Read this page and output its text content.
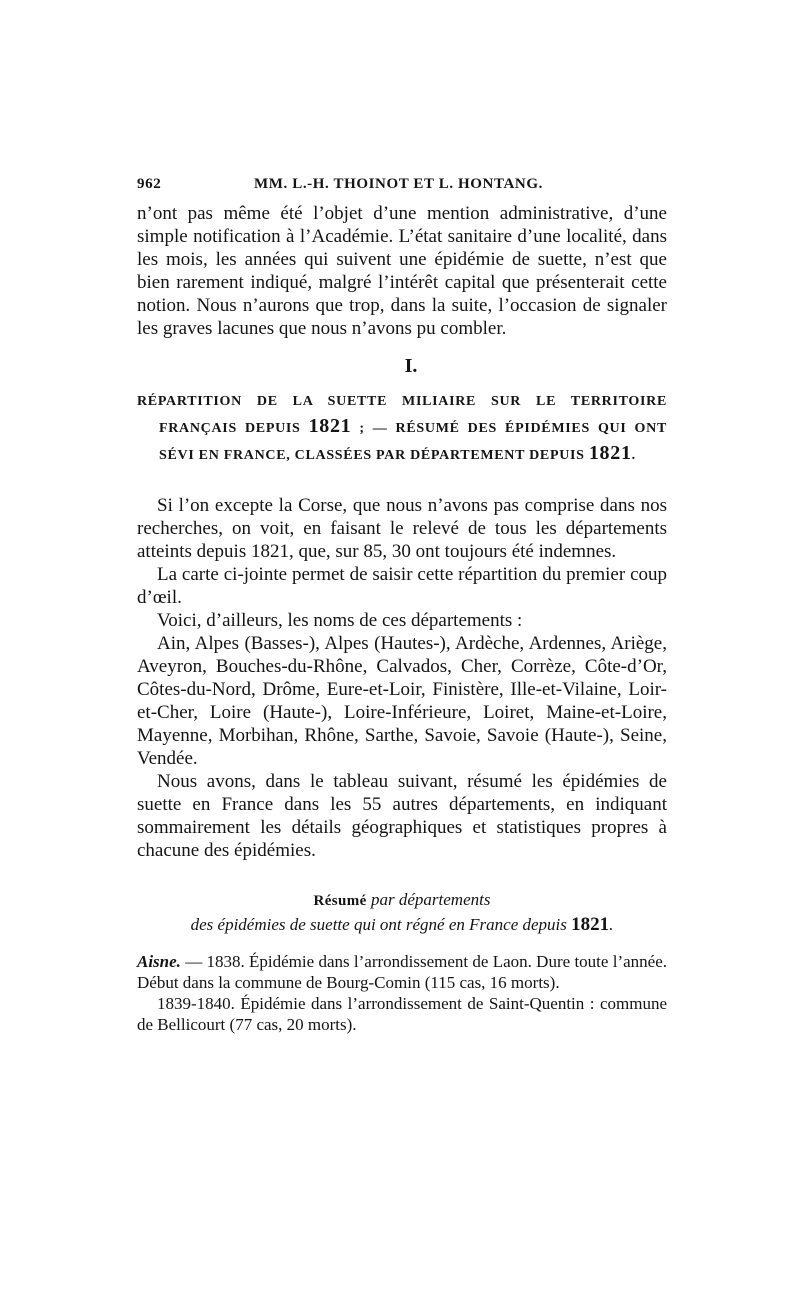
962	MM. L.-H. THOINOT ET L. HONTANG.

n’ont pas même été l’objet d’une mention administrative, d’une simple notification à l’Académie. L’état sanitaire d’une localité, dans les mois, les années qui suivent une épidémie de suette, n’est que bien rarement indiqué, malgré l’intérêt capital que présenterait cette notion. Nous n’aurons que trop, dans la suite, l’occasion de signaler les graves lacunes que nous n’avons pu combler.

I.
RÉPARTITION DE LA SUETTE MILIAIRE SUR LE TERRITOIRE FRANÇAIS DEPUIS 1821 ; — RÉSUMÉ DES ÉPIDÉMIES QUI ONT SÉVI EN FRANCE, CLASSÉES PAR DÉPARTEMENT DEPUIS 1821.

Si l’on excepte la Corse, que nous n’avons pas comprise dans nos recherches, on voit, en faisant le relevé de tous les départements atteints depuis 1821, que, sur 85, 30 ont toujours été indemnes.

La carte ci-jointe permet de saisir cette répartition du premier coup d’œil.

Voici, d’ailleurs, les noms de ces départements :

Ain, Alpes (Basses-), Alpes (Hautes-), Ardèche, Ardennes, Ariège, Aveyron, Bouches-du-Rhône, Calvados, Cher, Corrèze, Côte-d’Or, Côtes-du-Nord, Drôme, Eure-et-Loir, Finistère, Ille-et-Vilaine, Loir-et-Cher, Loire (Haute-), Loire-Inférieure, Loiret, Maine-et-Loire, Mayenne, Morbihan, Rhône, Sarthe, Savoie, Savoie (Haute-), Seine, Vendée.

Nous avons, dans le tableau suivant, résumé les épidémies de suette en France dans les 55 autres départements, en indiquant sommairement les détails géographiques et statistiques propres à chacune des épidémies.

Résumé par départements
des épidémies de suette qui ont régné en France depuis 1821.

Aisne. — 1838. Épidémie dans l’arrondissement de Laon. Dure toute l’année. Début dans la commune de Bourg-Comin (115 cas, 16 morts).

1839-1840. Épidémie dans l’arrondissement de Saint-Quentin : commune de Bellicourt (77 cas, 20 morts).
